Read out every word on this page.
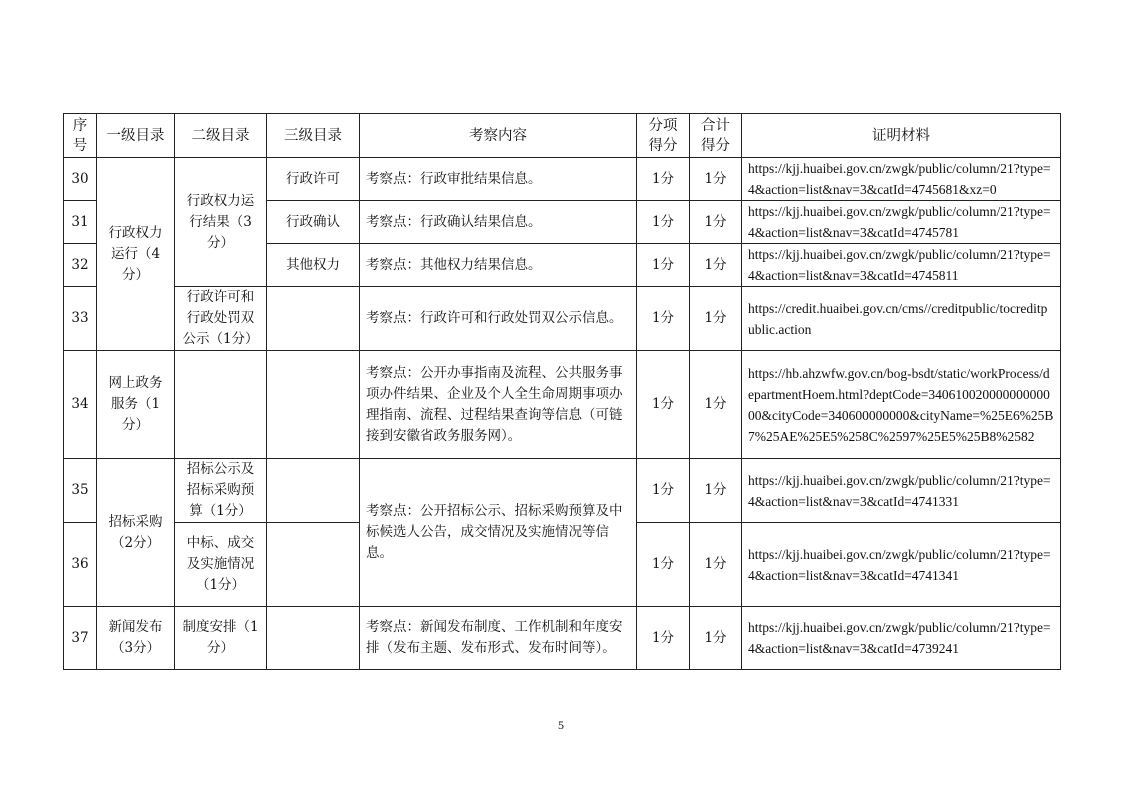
序号	一级目录	二级目录	三级目录	考察内容	分项得分	合计得分	证明材料
30	行政权力运行（4分）	行政权力运行结果（3分）	行政许可	考察点：行政审批结果信息。	1分	1分	https://kjj.huaibei.gov.cn/zwgk/public/column/21?type=4&action=list&nav=3&catId=4745681&xz=0
31			行政确认	考察点：行政确认结果信息。	1分	1分	https://kjj.huaibei.gov.cn/zwgk/public/column/21?type=4&action=list&nav=3&catId=4745781
32			其他权力	考察点：其他权力结果信息。	1分	1分	https://kjj.huaibei.gov.cn/zwgk/public/column/21?type=4&action=list&nav=3&catId=4745811
33		行政许可和行政处罚双公示（1分）		考察点：行政许可和行政处罚双公示信息。	1分	1分	https://credit.huaibei.gov.cn/cms//creditpublic/tocreditpublic.action
34	网上政务服务（1分）			考察点：公开办事指南及流程、公共服务事项办件结果、企业及个人全生命周期事项办理指南、流程、过程结果查询等信息（可链接到安徽省政务服务网）。	1分	1分	https://hb.ahzwfw.gov.cn/bog-bsdt/static/workProcess/departmentHoem.html?deptCode=34061002000000000000&cityCode=340600000000&cityName=%25E6%25B7%25AE%25E5%258C%2597%25E5%25B8%2582
35	招标采购（2分）	招标公示及招标采购预算（1分）		考察点：公开招标公示、招标采购预算及中标候选人公告，成交情况及实施情况等信息。	1分	1分	https://kjj.huaibei.gov.cn/zwgk/public/column/21?type=4&action=list&nav=3&catId=4741331
36		中标、成交及实施情况（1分）			1分	1分	https://kjj.huaibei.gov.cn/zwgk/public/column/21?type=4&action=list&nav=3&catId=4741341
37	新闻发布（3分）	制度安排（1分）		考察点：新闻发布制度、工作机制和年度安排（发布主题、发布形式、发布时间等）。	1分	1分	https://kjj.huaibei.gov.cn/zwgk/public/column/21?type=4&action=list&nav=3&catId=4739241
5
